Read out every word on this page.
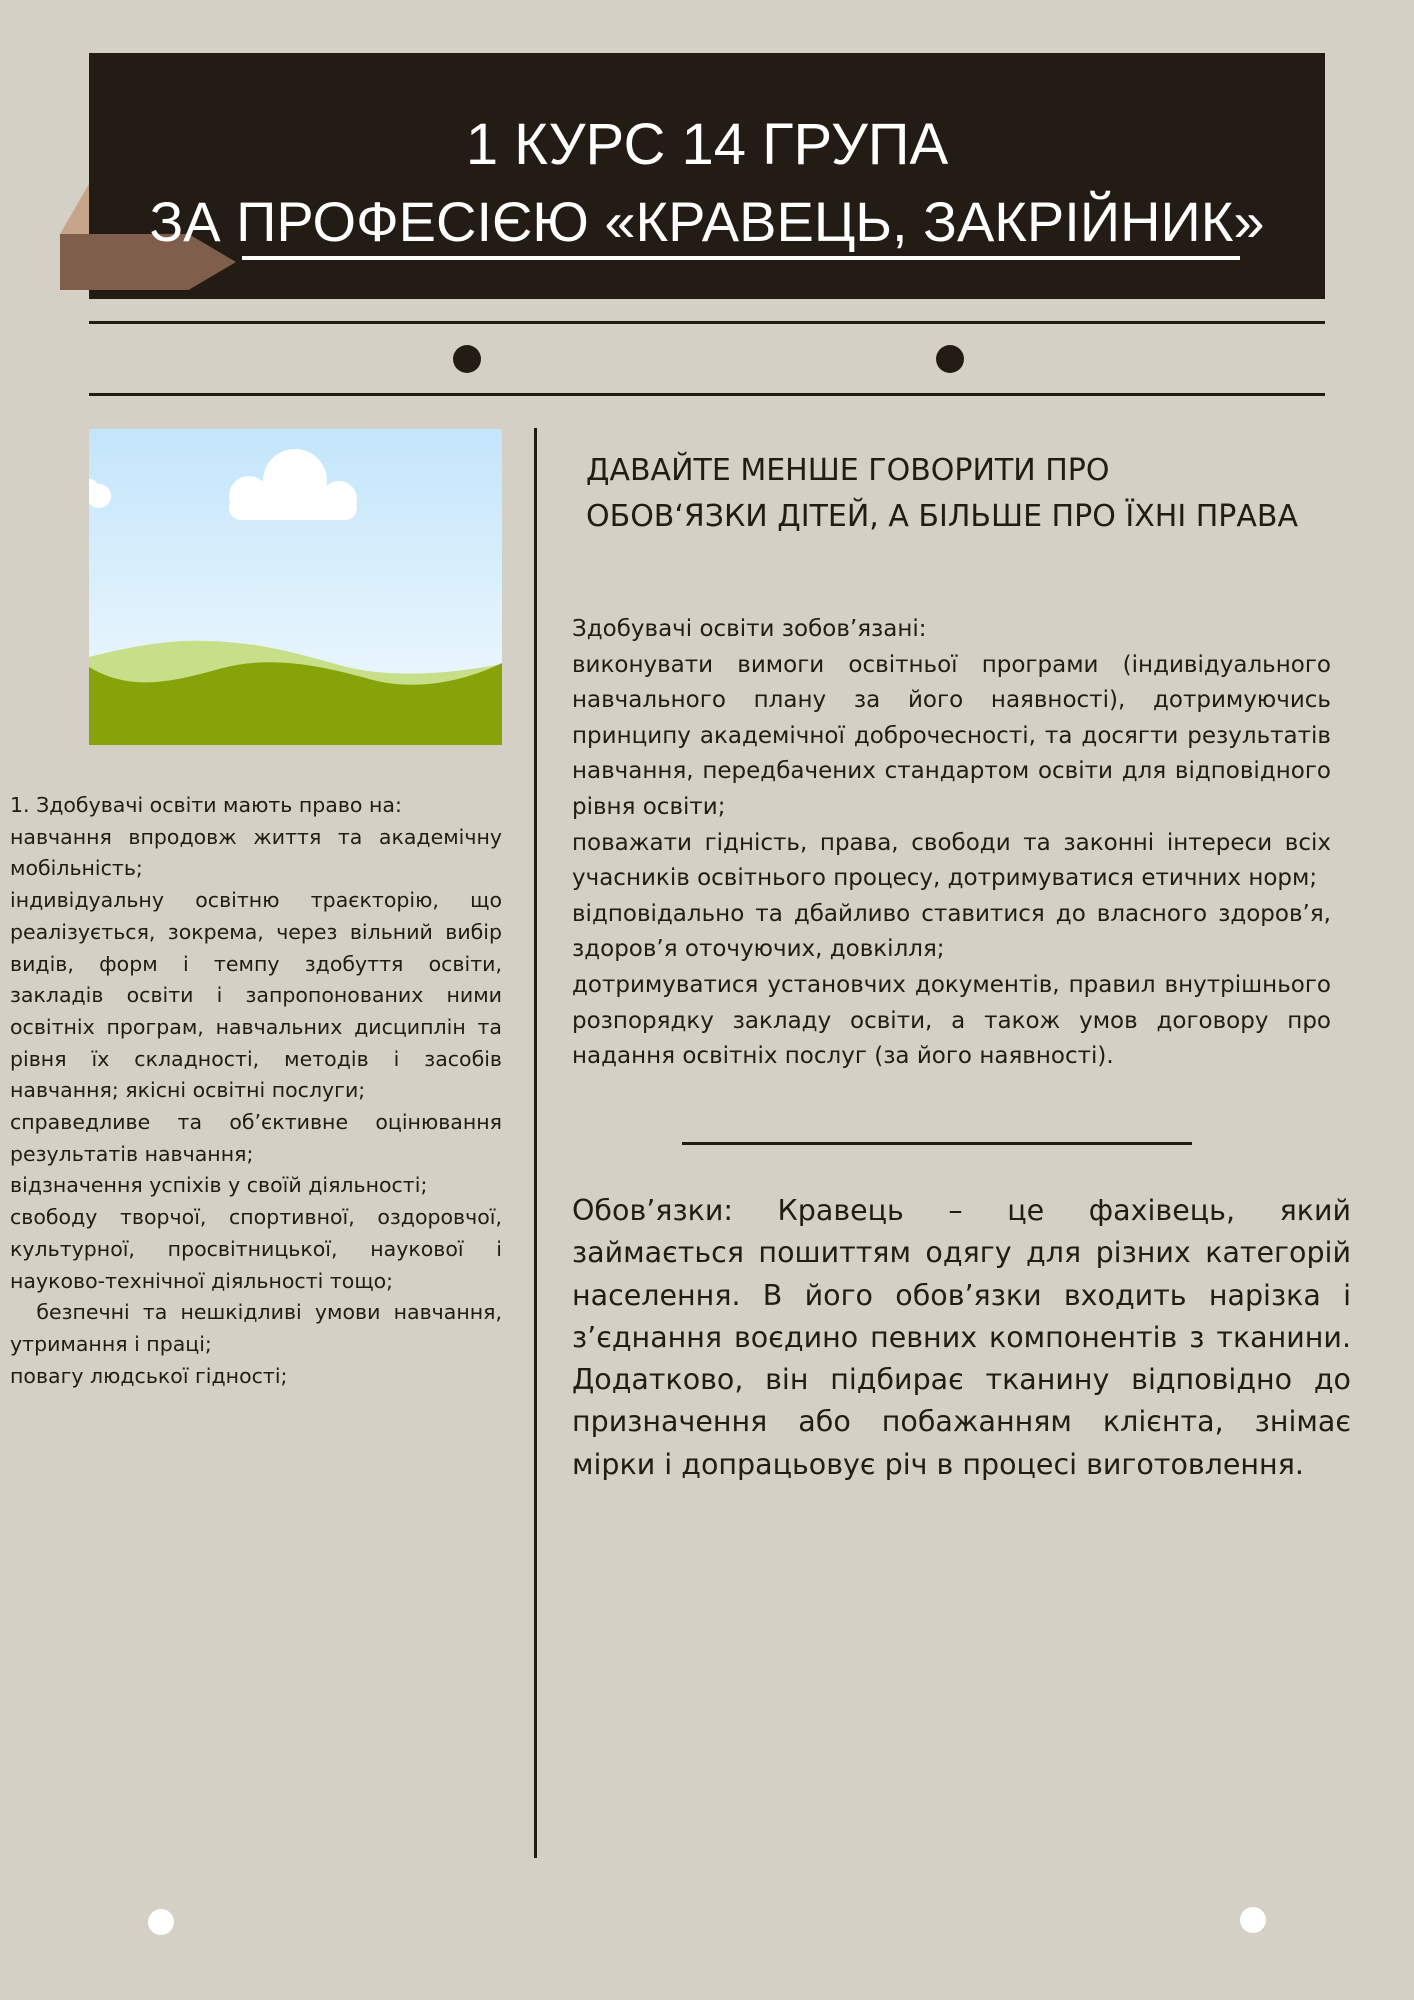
1 КУРС 14 ГРУПА
ЗА ПРОФЕСІЄЮ «КРАВЕЦЬ, ЗАКРІЙНИК»

1. Здобувачі освіти мають право на:

навчання впродовж життя та академічну мобільність;

індивідуальну освітню траєкторію, що реалізується, зокрема, через вільний вибір видів, форм і темпу здобуття освіти, закладів освіти і запропонованих ними освітніх програм, навчальних дисциплін та рівня їх складності, методів і засобів навчання; якісні освітні послуги;

справедливе та об’єктивне оцінювання результатів навчання;

відзначення успіхів у своїй діяльності;

свободу творчої, спортивної, оздоровчої, культурної, просвітницької, наукової і науково-технічної діяльності тощо;

безпечні та нешкідливі умови навчання, утримання і праці;

повагу людської гідності;

ДАВАЙТЕ МЕНШЕ ГОВОРИТИ ПРО

ОБОВ‘ЯЗКИ ДІТЕЙ, А БІЛЬШЕ ПРО ЇХНІ ПРАВА

Здобувачі освіти зобов’язані:

виконувати вимоги освітньої програми (індивідуального навчального плану за його наявності), дотримуючись принципу академічної доброчесності, та досягти результатів навчання, передбачених стандартом освіти для відповідного рівня освіти;

поважати гідність, права, свободи та законні інтереси всіх учасників освітнього процесу, дотримуватися етичних норм;

відповідально та дбайливо ставитися до власного здоров’я, здоров’я оточуючих, довкілля;

дотримуватися установчих документів, правил внутрішнього розпорядку закладу освіти, а також умов договору про надання освітніх послуг (за його наявності).

Обов’язки: Кравець – це фахівець, який займається пошиттям одягу для різних категорій населення. В його обов’язки входить нарізка і з’єднання воєдино певних компонентів з тканини. Додатково, він підбирає тканину відповідно до призначення або побажанням клієнта, знімає мірки і допрацьовує річ в процесі виготовлення.
